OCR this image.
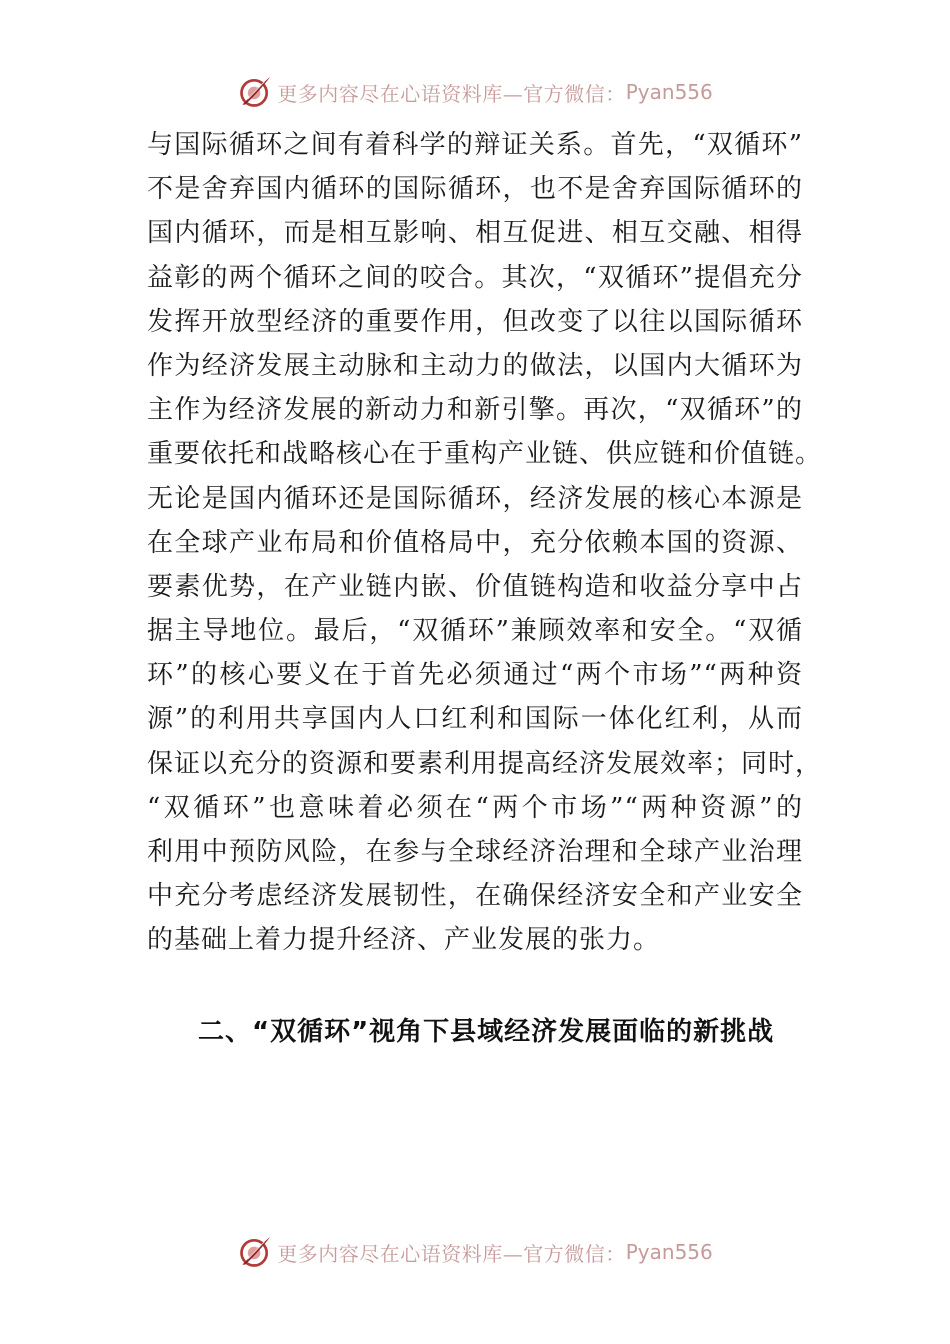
更多内容尽在心语资料库—官方微信： Pyan556
与国际循环之间有着科学的辩证关系。首先，“双循环”
不是舍弃国内循环的国际循环，也不是舍弃国际循环的
国内循环，而是相互影响、相互促进、相互交融、相得
益彰的两个循环之间的咬合。其次，“双循环”提倡充分
发挥开放型经济的重要作用，但改变了以往以国际循环
作为经济发展主动脉和主动力的做法，以国内大循环为
主作为经济发展的新动力和新引擎。再次，“双循环”的
重要依托和战略核心在于重构产业链、供应链和价值链。
无论是国内循环还是国际循环，经济发展的核心本源是
在全球产业布局和价值格局中，充分依赖本国的资源、
要素优势，在产业链内嵌、价值链构造和收益分享中占
据主导地位。最后，“双循环”兼顾效率和安全。“双循
环”的核心要义在于首先必须通过“两个市场”“两种资
源”的利用共享国内人口红利和国际一体化红利，从而
保证以充分的资源和要素利用提高经济发展效率；同时，
“双循环”也意味着必须在“两个市场”“两种资源”的
利用中预防风险，在参与全球经济治理和全球产业治理
中充分考虑经济发展韧性，在确保经济安全和产业安全
的基础上着力提升经济、产业发展的张力。
二、“双循环”视角下县域经济发展面临的新挑战
更多内容尽在心语资料库—官方微信： Pyan556
